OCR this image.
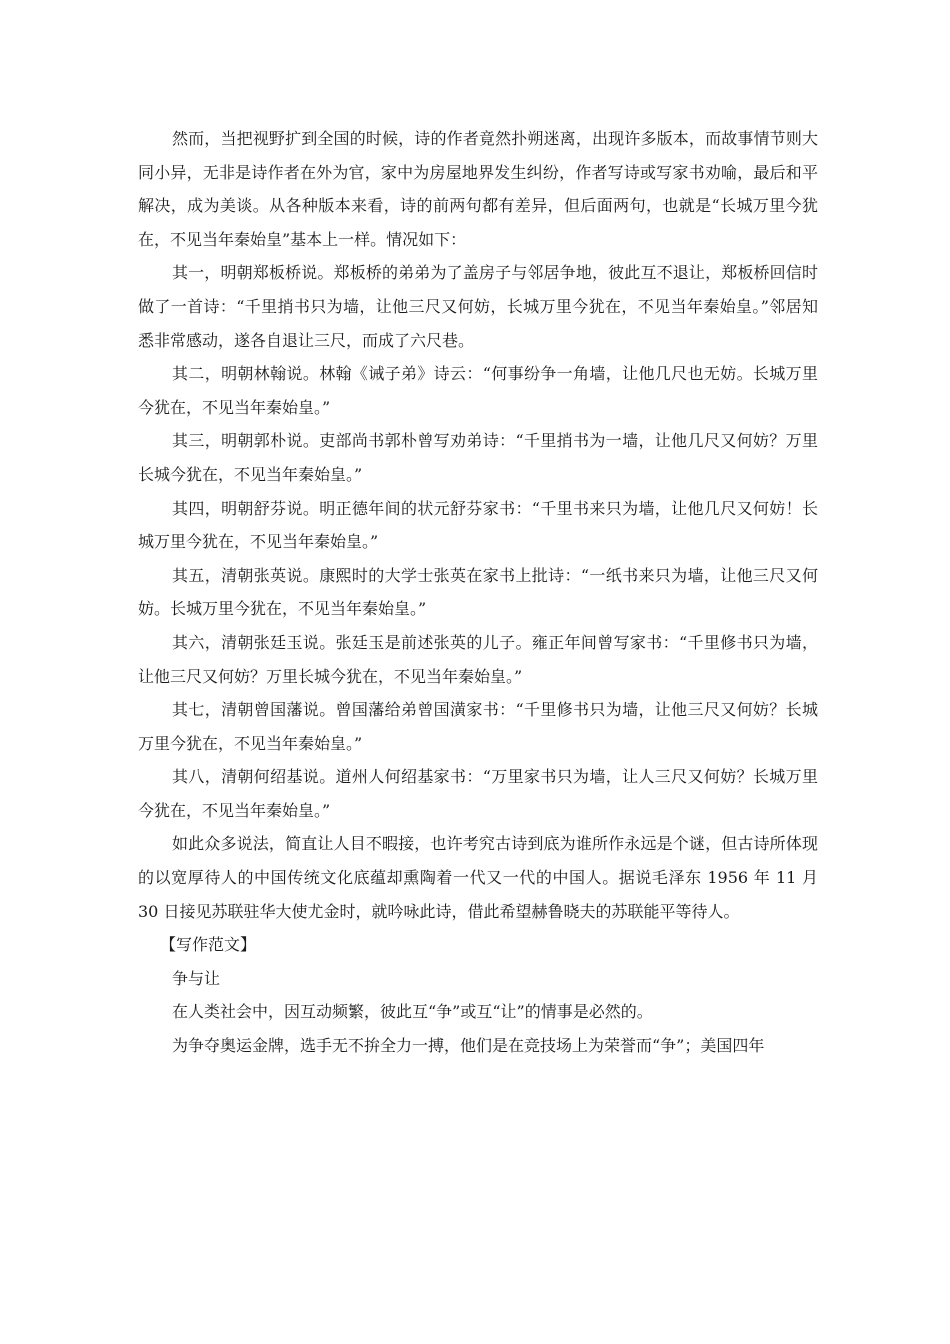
然而，当把视野扩到全国的时候，诗的作者竟然扑朔迷离，出现许多版本，而故事情节则大同小异，无非是诗作者在外为官，家中为房屋地界发生纠纷，作者写诗或写家书劝喻，最后和平解决，成为美谈。从各种版本来看，诗的前两句都有差异，但后面两句，也就是“长城万里今犹在，不见当年秦始皇”基本上一样。情况如下：

其一，明朝郑板桥说。郑板桥的弟弟为了盖房子与邻居争地，彼此互不退让，郑板桥回信时做了一首诗：“千里捎书只为墙，让他三尺又何妨，长城万里今犹在，不见当年秦始皇。”邻居知悉非常感动，遂各自退让三尺，而成了六尺巷。

其二，明朝林翰说。林翰《诫子弟》诗云：“何事纷争一角墙，让他几尺也无妨。长城万里今犹在，不见当年秦始皇。”

其三，明朝郭朴说。吏部尚书郭朴曾写劝弟诗：“千里捎书为一墙，让他几尺又何妨？万里长城今犹在，不见当年秦始皇。”

其四，明朝舒芬说。明正德年间的状元舒芬家书：“千里书来只为墙，让他几尺又何妨！长城万里今犹在，不见当年秦始皇。”

其五，清朝张英说。康熙时的大学士张英在家书上批诗：“一纸书来只为墙，让他三尺又何妨。长城万里今犹在，不见当年秦始皇。”

其六，清朝张廷玉说。张廷玉是前述张英的儿子。雍正年间曾写家书：“千里修书只为墙，让他三尺又何妨？万里长城今犹在，不见当年秦始皇。”

其七，清朝曾国藩说。曾国藩给弟曾国潢家书：“千里修书只为墙，让他三尺又何妨？长城万里今犹在，不见当年秦始皇。”

其八，清朝何绍基说。道州人何绍基家书：“万里家书只为墙，让人三尺又何妨？长城万里今犹在，不见当年秦始皇。”

如此众多说法，简直让人目不暇接，也许考究古诗到底为谁所作永远是个谜，但古诗所体现的以宽厚待人的中国传统文化底蕴却熏陶着一代又一代的中国人。据说毛泽东 1956 年 11 月 30 日接见苏联驻华大使尤金时，就吟咏此诗，借此希望赫鲁晓夫的苏联能平等待人。

【写作范文】

争与让

在人类社会中，因互动频繁，彼此互“争”或互“让”的情事是必然的。

为争夺奥运金牌，选手无不拚全力一搏，他们是在竞技场上为荣誉而“争”；美国四年
